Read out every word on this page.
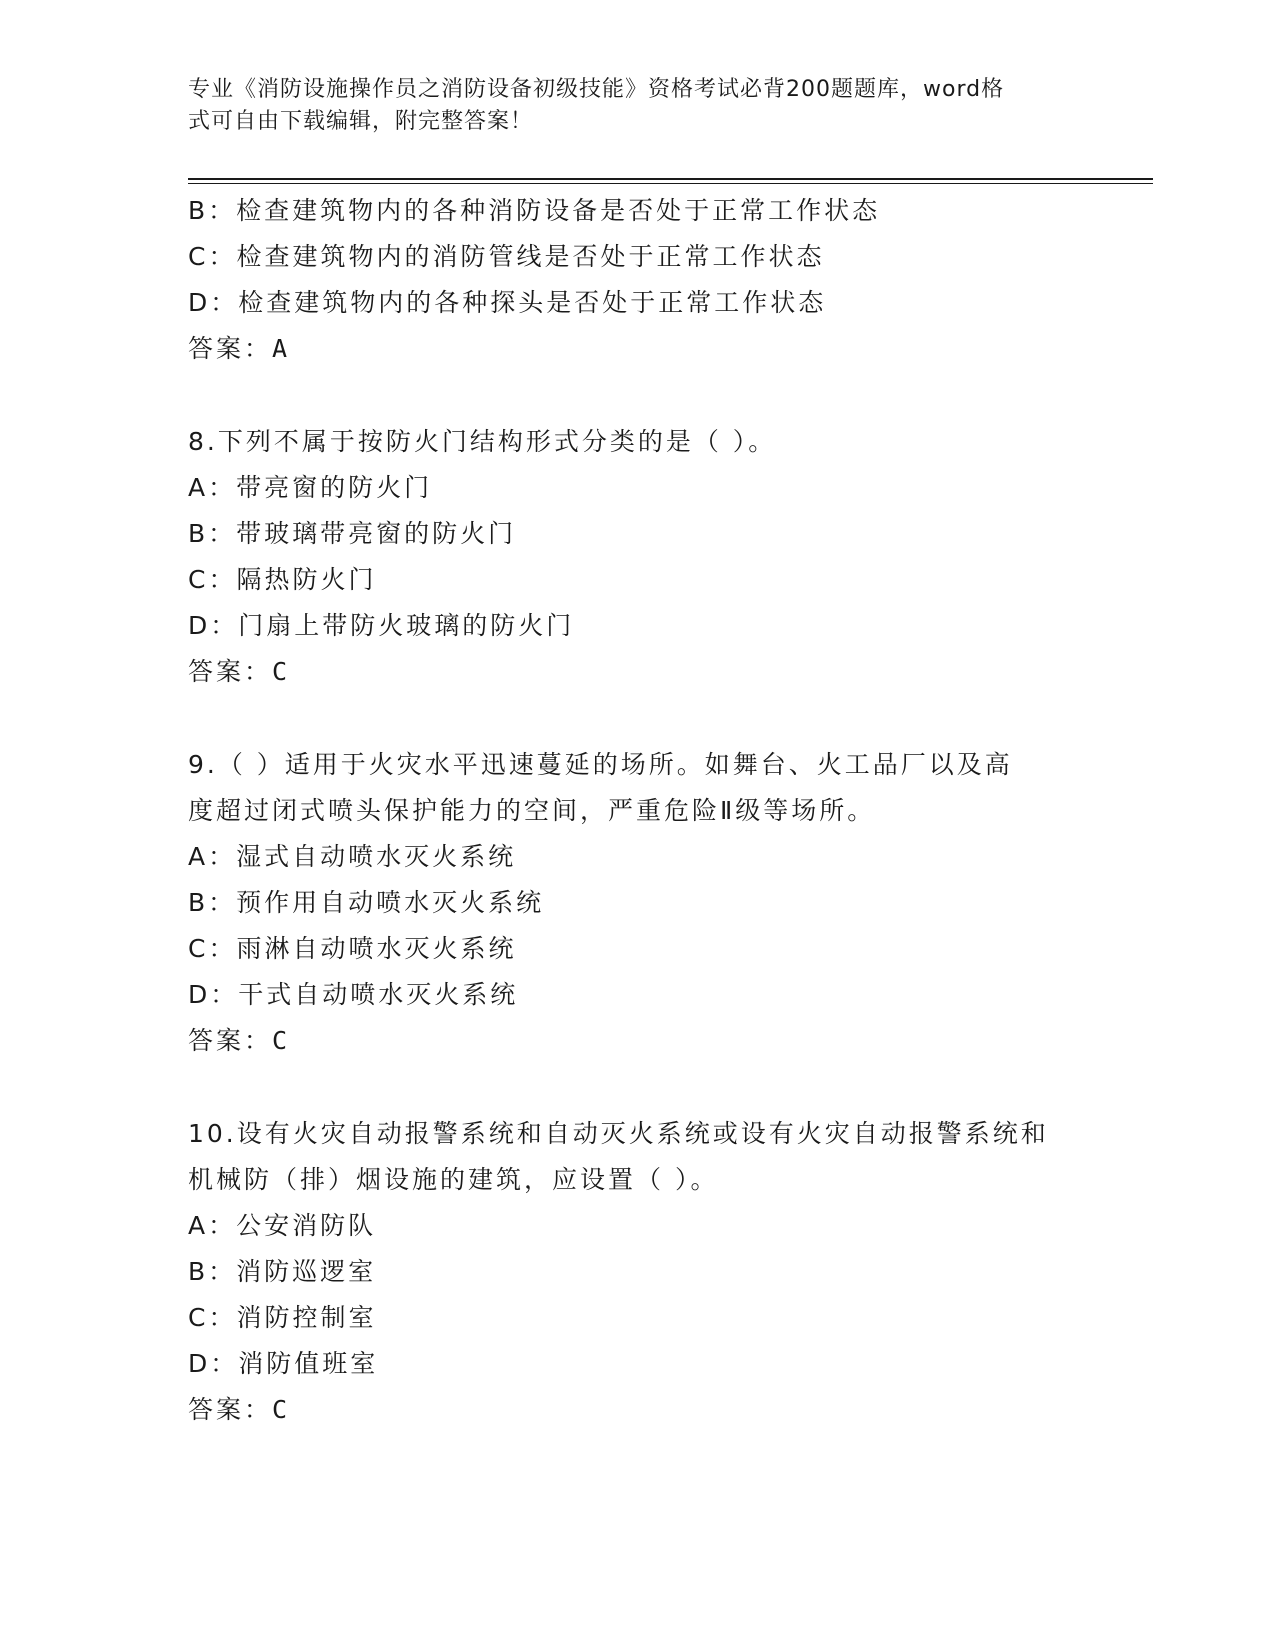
专业《消防设施操作员之消防设备初级技能》资格考试必背200题题库，word格
式可自由下载编辑，附完整答案！
B：检查建筑物内的各种消防设备是否处于正常工作状态
C：检查建筑物内的消防管线是否处于正常工作状态
D：检查建筑物内的各种探头是否处于正常工作状态
答案：A
8.下列不属于按防火门结构形式分类的是（ ）。
A：带亮窗的防火门
B：带玻璃带亮窗的防火门
C：隔热防火门
D：门扇上带防火玻璃的防火门
答案：C
9.（ ）适用于火灾水平迅速蔓延的场所。如舞台、火工品厂以及高
度超过闭式喷头保护能力的空间，严重危险Ⅱ级等场所。
A：湿式自动喷水灭火系统
B：预作用自动喷水灭火系统
C：雨淋自动喷水灭火系统
D：干式自动喷水灭火系统
答案：C
10.设有火灾自动报警系统和自动灭火系统或设有火灾自动报警系统和
机械防（排）烟设施的建筑，应设置（ ）。
A：公安消防队
B：消防巡逻室
C：消防控制室
D：消防值班室
答案：C
